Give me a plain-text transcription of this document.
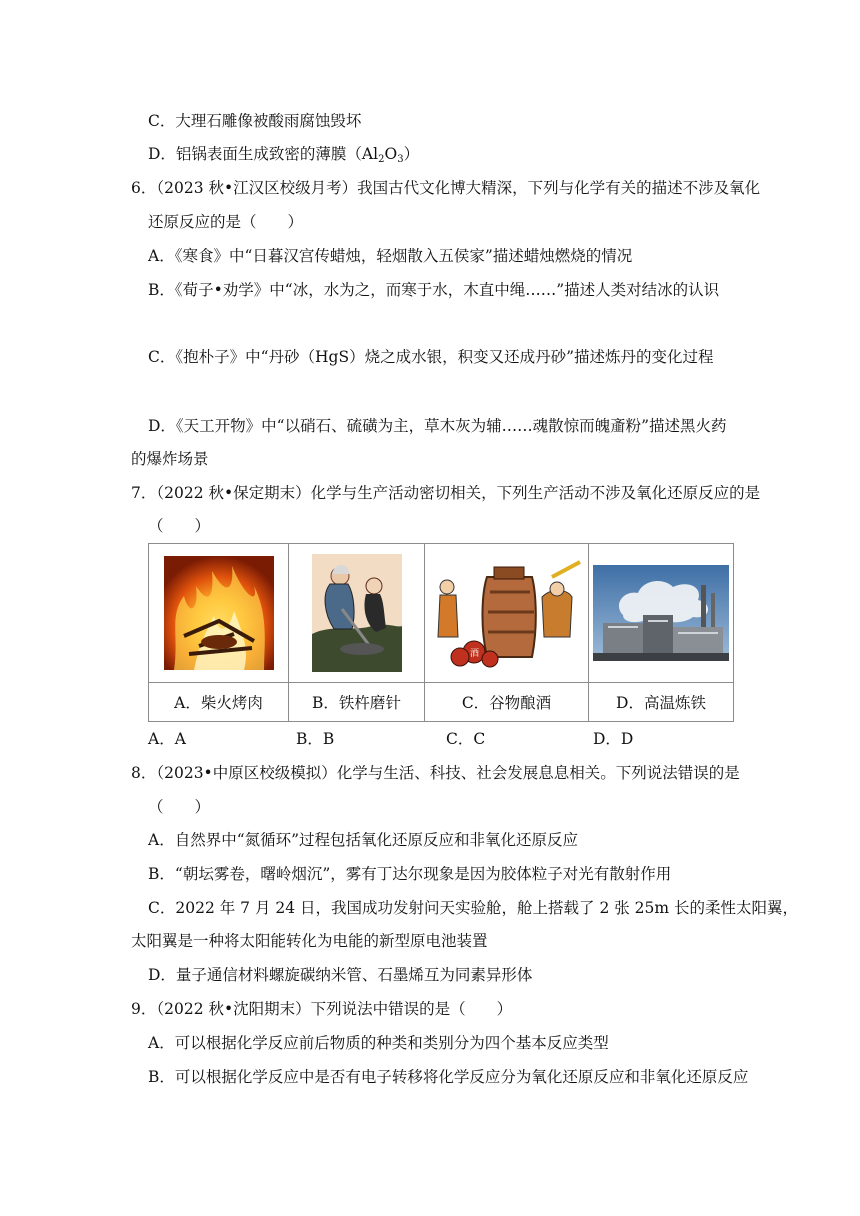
C．大理石雕像被酸雨腐蚀毁坏
D．铝锅表面生成致密的薄膜$(Al_2O_3)$
6．（2023 秋•江汉区校级月考）我国古代文化博大精深，下列与化学有关的描述不涉及氧化
还原反应的是（　　）
A．《寒食》中“日暮汉宫传蜡烛，轻烟散入五侯家”描述蜡烛燃烧的情况
B．《荀子•劝学》中“冰，水为之，而寒于水，木直中绳……”描述人类对结冰的认识
C．《抱朴子》中“丹砂（HgS）烧之成水银，积变又还成丹砂”描述炼丹的变化过程
D．《天工开物》中“以硝石、硫磺为主，草木灰为辅……魂散惊而魄齑粉”描述黑火药
的爆炸场景
7．（2022 秋•保定期末）化学与生产活动密切相关，下列生产活动不涉及氧化还原反应的是
（　　）

酒

A．柴火烤肉	B．铁杵磨针	C．谷物酿酒	D．高温炼铁
A．A	B．B	C．C	D．D
8．（2023•中原区校级模拟）化学与生活、科技、社会发展息息相关。下列说法错误的是
（　　）
A．自然界中“氮循环”过程包括氧化还原反应和非氧化还原反应
B．“朝坛雾卷，曙岭烟沉”，雾有丁达尔现象是因为胶体粒子对光有散射作用
C．2022 年 7 月 24 日，我国成功发射问天实验舱，舱上搭载了 2 张 25m 长的柔性太阳翼，
太阳翼是一种将太阳能转化为电能的新型原电池装置
D．量子通信材料螺旋碳纳米管、石墨烯互为同素异形体
9．（2022 秋•沈阳期末）下列说法中错误的是（　　）
A．可以根据化学反应前后物质的种类和类别分为四个基本反应类型
B．可以根据化学反应中是否有电子转移将化学反应分为氧化还原反应和非氧化还原反应
